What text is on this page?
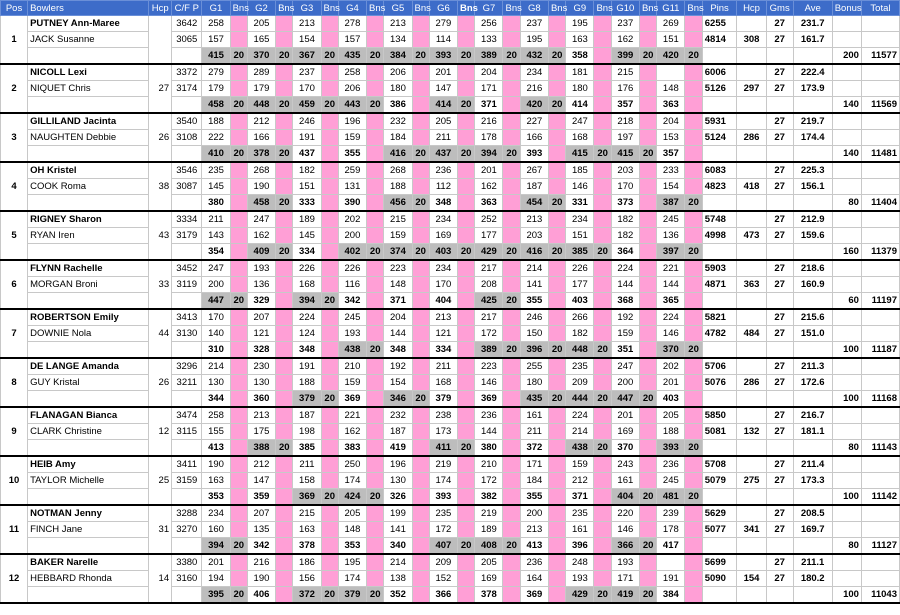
Pos	Bowlers	Hcp	C/F P	G1	Bns	G2	Bns	G3	Bns	G4	Bns	G5	Bns	G6	Bns	G7	Bns	G8	Bns	G9	Bns	G10	Bns	G11	Bns	Pins	Hcp	Gms	Ave	Bonus	Total
1	PUTNEY Ann-Maree		3642	258		205		213		278		213		279		256		237		195		237		269		6255		27	231.7		
	JACK Susanne		3065	157		165		154		157		134		114		133		195		163		162		151		4814	308	27	161.7		
				415	20	370	20	367	20	435	20	384	20	393	20	389	20	432	20	358		399	20	420	20					200	11577
2	NICOLL Lexi	27	3372	279		289		237		258		206		201		204		234		181		215				6006		27	222.4		
	NIQUET Chris		3174	179		179		170		206		180		147		171		216		180		176		148		5126	297	27	173.9		
				458	20	448	20	459	20	443	20	386		414	20	371		420	20	414		357		363						140	11569
3	GILLILAND Jacinta	26	3540	188		212		246		196		232		205		216		227		247		218		204		5931		27	219.7		
	NAUGHTEN Debbie		3108	222		166		191		159		184		211		178		166		168		197		153		5124	286	27	174.4		
				410	20	378	20	437		355		416	20	437	20	394	20	393		415	20	415	20	357						140	11481
4	OH Kristel	38	3546	235		268		182		259		268		236		201		267		185		203		233		6083		27	225.3		
	COOK Roma		3087	145		190		151		131		188		112		162		187		146		170		154		4823	418	27	156.1		
				380		458	20	333		390		456	20	348		363		454	20	331		373		387	20					80	11404
5	RIGNEY Sharon	43	3334	211		247		189		202		215		234		252		213		234		182		245		5748		27	212.9		
	RYAN Iren		3179	143		162		145		200		159		169		177		203		151		182		136		4998	473	27	159.6		
				354		409	20	334		402	20	374	20	403	20	429	20	416	20	385	20	364		397	20					160	11379
6	FLYNN Rachelle	33	3452	247		193		226		226		223		234		217		214		226		224		221		5903		27	218.6		
	MORGAN Broni		3119	200		136		168		116		148		170		208		141		177		144		144		4871	363	27	160.9		
				447	20	329		394	20	342		371		404		425	20	355		403		368		365						60	11197
7	ROBERTSON Emily	44	3413	170		207		224		245		204		213		217		246		266		192		224		5821		27	215.6		
	DOWNIE Nola		3130	140		121		124		193		144		121		172		150		182		159		146		4782	484	27	151.0		
				310		328		348		438	20	348		334		389	20	396	20	448	20	351		370	20					100	11187
8	DE LANGE Amanda	26	3296	214		230		191		210		192		211		223		255		235		247		202		5706		27	211.3		
	GUY Kristal		3211	130		130		188		159		154		168		146		180		209		200		201		5076	286	27	172.6		
				344		360		379	20	369		346	20	379		369		435	20	444	20	447	20	403						100	11168
9	FLANAGAN Bianca	12	3474	258		213		187		221		232		238		236		161		224		201		205		5850		27	216.7		
	CLARK Christine		3115	155		175		198		162		187		173		144		211		214		169		188		5081	132	27	181.1		
				413		388	20	385		383		419		411	20	380		372		438	20	370		393	20					80	11143
10	HEIB Amy	25	3411	190		212		211		250		196		219		210		171		159		243		236		5708		27	211.4		
	TAYLOR Michelle		3159	163		147		158		174		130		174		172		184		212		161		245		5079	275	27	173.3		
				353		359		369	20	424	20	326		393		382		355		371		404	20	481	20					100	11142
11	NOTMAN Jenny	31	3288	234		207		215		205		199		235		219		200		235		220		239		5629		27	208.5		
	FINCH Jane		3270	160		135		163		148		141		172		189		213		161		146		178		5077	341	27	169.7		
				394	20	342		378		353		340		407	20	408	20	413		396		366	20	417						80	11127
12	BAKER Narelle	14	3380	201		216		186		195		214		209		205		236		248		193				5699		27	211.1		
	HEBBARD Rhonda		3160	194		190		156		174		138		152		169		164		193		171		191		5090	154	27	180.2		
				395	20	406		372	20	379	20	352		366		378		369		429	20	419	20	384						100	11043
